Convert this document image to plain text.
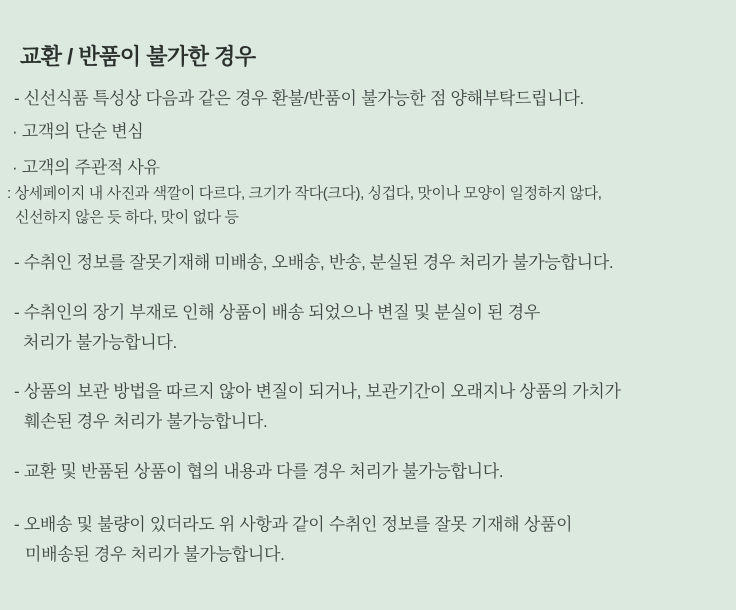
교환 / 반품이 불가한 경우
- 신선식품 특성상 다음과 같은 경우 환불/반품이 불가능한 점 양해부탁드립니다.
· 고객의 단순 변심
· 고객의 주관적 사유
: 상세페이지 내 사진과 색깔이 다르다, 크기가 작다(크다), 싱겁다, 맛이나 모양이 일정하지 않다,
신선하지 않은 듯 하다, 맛이 없다 등
- 수취인 정보를 잘못기재해 미배송, 오배송, 반송, 분실된 경우 처리가 불가능합니다.
- 수취인의 장기 부재로 인해 상품이 배송 되었으나 변질 및 분실이 된 경우
처리가 불가능합니다.
- 상품의 보관 방법을 따르지 않아 변질이 되거나, 보관기간이 오래지나 상품의 가치가
훼손된 경우 처리가 불가능합니다.
- 교환 및 반품된 상품이 협의 내용과 다를 경우 처리가 불가능합니다.
- 오배송 및 불량이 있더라도 위 사항과 같이 수취인 정보를 잘못 기재해 상품이
미배송된 경우 처리가 불가능합니다.
